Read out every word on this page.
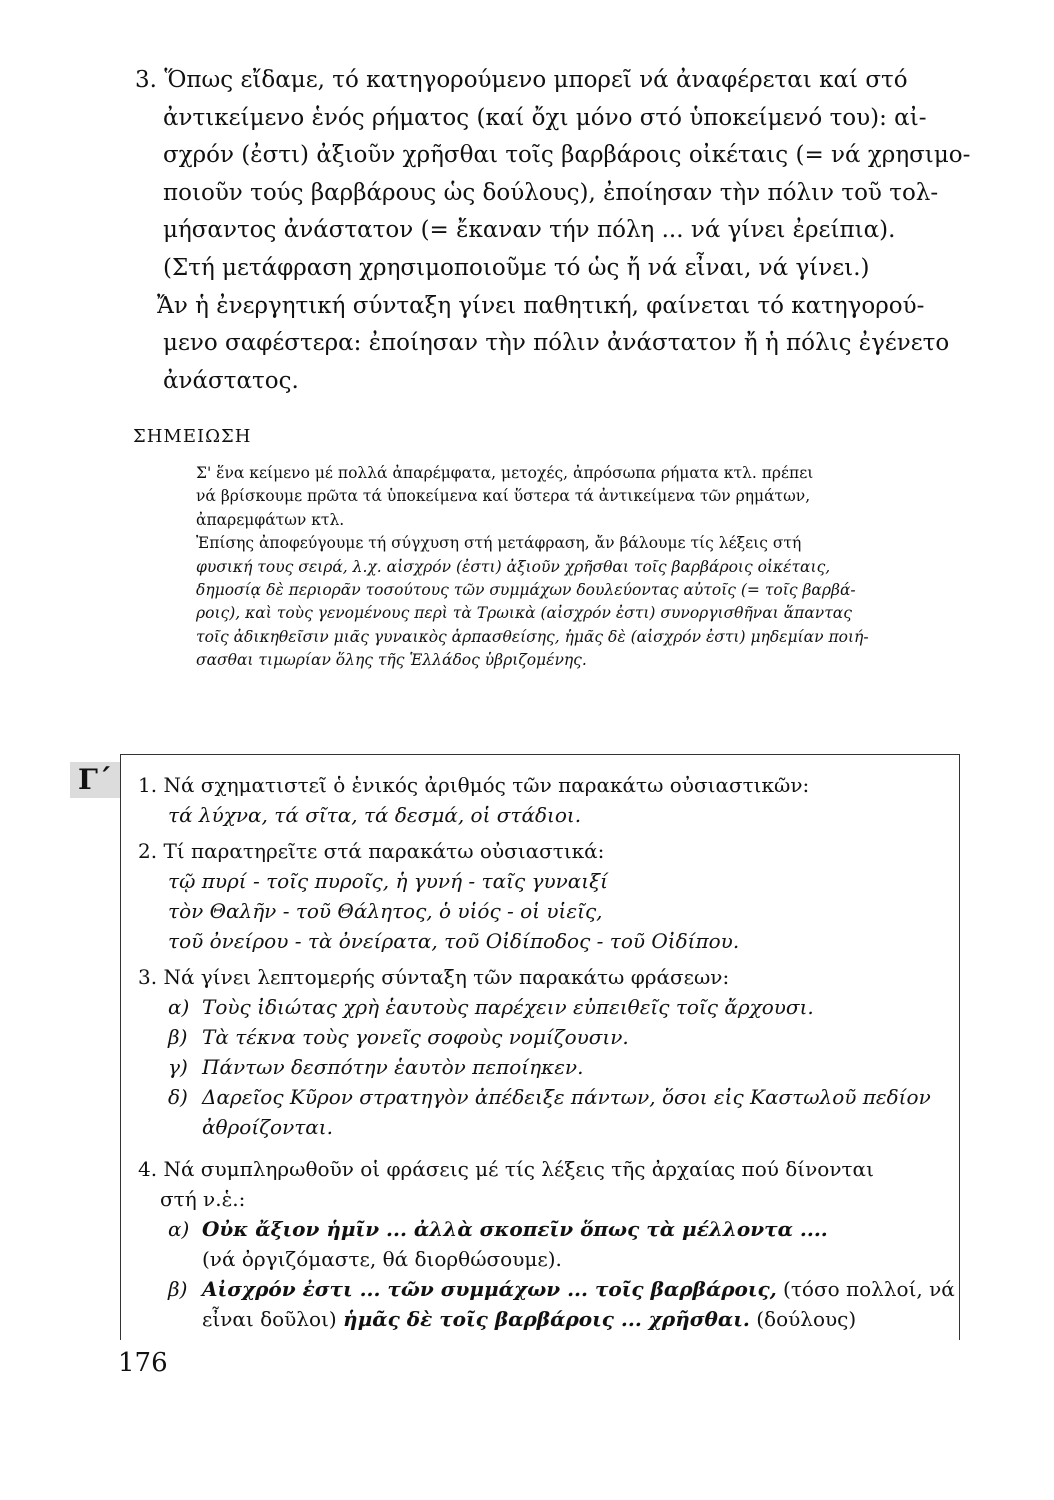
3. Ὅπως εἴδαμε, τό κατηγορούμενο μπορεῖ νά ἀναφέρεται καί στό
ἀντικείμενο ἑνός ρήματος (καί ὄχι μόνο στό ὑποκείμενό του): αἰ-
σχρόν (ἐστι) ἀξιοῦν χρῆσθαι τοῖς βαρβάροις οἰκέταις (= νά χρησιμο-
ποιοῦν τούς βαρβάρους ὡς δούλους), ἐποίησαν τὴν πόλιν τοῦ τολ-
μήσαντος ἀνάστατον (= ἔκαναν τήν πόλη ... νά γίνει ἐρείπια).
(Στή μετάφραση χρησιμοποιοῦμε τό ὡς ἤ νά εἶναι, νά γίνει.)
Ἄν ἡ ἐνεργητική σύνταξη γίνει παθητική, φαίνεται τό κατηγορού-
μενο σαφέστερα: ἐποίησαν τὴν πόλιν ἀνάστατον ἤ ἡ πόλις ἐγένετο
ἀνάστατος.
ΣΗΜΕΙΩΣΗ
Σ' ἕνα κείμενο μέ πολλά ἀπαρέμφατα, μετοχές, ἀπρόσωπα ρήματα κτλ. πρέπει
νά βρίσκουμε πρῶτα τά ὑποκείμενα καί ὕστερα τά ἀντικείμενα τῶν ρημάτων,
ἀπαρεμφάτων κτλ.
Ἐπίσης ἀποφεύγουμε τή σύγχυση στή μετάφραση, ἄν βάλουμε τίς λέξεις στή
φυσική τους σειρά, λ.χ. αἰσχρόν (ἐστι) ἀξιοῦν χρῆσθαι τοῖς βαρβάροις οἰκέταις,
δημοσίᾳ δὲ περιορᾶν τοσούτους τῶν συμμάχων δουλεύοντας αὐτοῖς (= τοῖς βαρβά-
ροις), καὶ τοὺς γενομένους περὶ τὰ Τρωικὰ (αἰσχρόν ἐστι) συνοργισθῆναι ἅπαντας
τοῖς ἀδικηθεῖσιν μιᾶς γυναικὸς ἁρπασθείσης, ἡμᾶς δὲ (αἰσχρόν ἐστι) μηδεμίαν ποιή-
σασθαι τιμωρίαν ὅλης τῆς Ἑλλάδος ὑβριζομένης.
Γ΄	1. Νά σχηματιστεῖ ὁ ἑνικός ἀριθμός τῶν παρακάτω οὐσιαστικῶν:
τά λύχνα, τά σῖτα, τά δεσμά, οἱ στάδιοι.
2. Τί παρατηρεῖτε στά παρακάτω οὐσιαστικά:
τῷ πυρί - τοῖς πυροῖς, ἡ γυνή - ταῖς γυναιξί
τὸν Θαλῆν - τοῦ Θάλητος, ὁ υἱός - οἱ υἱεῖς,
τοῦ ὀνείρου - τὰ ὀνείρατα, τοῦ Οἰδίποδος - τοῦ Οἰδίπου.
3. Νά γίνει λεπτομερής σύνταξη τῶν παρακάτω φράσεων:
α) Τοὺς ἰδιώτας χρὴ ἑαυτοὺς παρέχειν εὐπειθεῖς τοῖς ἄρχουσι.
β) Τὰ τέκνα τοὺς γονεῖς σοφοὺς νομίζουσιν.
γ) Πάντων δεσπότην ἑαυτὸν πεποίηκεν.
δ) Δαρεῖος Κῦρον στρατηγὸν ἀπέδειξε πάντων, ὅσοι εἰς Καστωλοῦ πεδίον
ἀθροίζονται.
4. Νά συμπληρωθοῦν οἱ φράσεις μέ τίς λέξεις τῆς ἀρχαίας πού δίνονται
στή ν.ἑ.:
α) Οὐκ ἄξιον ἡμῖν ... ἀλλὰ σκοπεῖν ὅπως τὰ μέλλοντα ....
(νά ὀργιζόμαστε, θά διορθώσουμε).
β) Αἰσχρόν ἐστι ... τῶν συμμάχων ... τοῖς βαρβάροις, (τόσο πολλοί, νά
εἶναι δοῦλοι) ἡμᾶς δὲ τοῖς βαρβάροις ... χρῆσθαι. (δούλους)
176
